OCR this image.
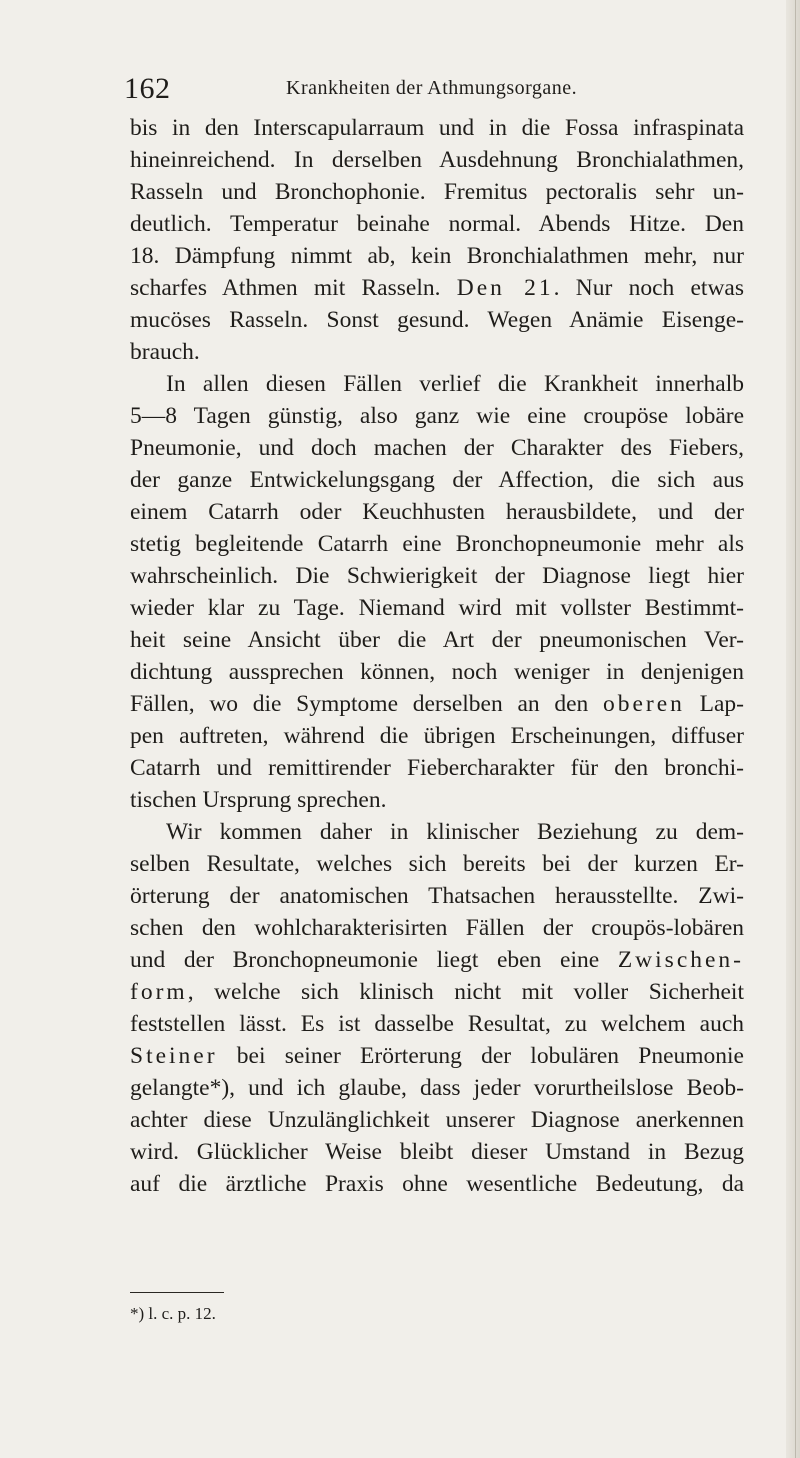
162	Krankheiten der Athmungsorgane.
bis in den Interscapularraum und in die Fossa infraspinata
hineinreichend. In derselben Ausdehnung Bronchialathmen,
Rasseln und Bronchophonie. Fremitus pectoralis sehr un-
deutlich. Temperatur beinahe normal. Abends Hitze. Den
18. Dämpfung nimmt ab, kein Bronchialathmen mehr, nur
scharfes Athmen mit Rasseln. Den 21. Nur noch etwas
mucöses Rasseln. Sonst gesund. Wegen Anämie Eisenge-
brauch.
In allen diesen Fällen verlief die Krankheit innerhalb
5—8 Tagen günstig, also ganz wie eine croupöse lobäre
Pneumonie, und doch machen der Charakter des Fiebers,
der ganze Entwickelungsgang der Affection, die sich aus
einem Catarrh oder Keuchhusten herausbildete, und der
stetig begleitende Catarrh eine Bronchopneumonie mehr als
wahrscheinlich. Die Schwierigkeit der Diagnose liegt hier
wieder klar zu Tage. Niemand wird mit vollster Bestimmt-
heit seine Ansicht über die Art der pneumonischen Ver-
dichtung aussprechen können, noch weniger in denjenigen
Fällen, wo die Symptome derselben an den oberen Lap-
pen auftreten, während die übrigen Erscheinungen, diffuser
Catarrh und remittirender Fiebercharakter für den bronchi-
tischen Ursprung sprechen.
Wir kommen daher in klinischer Beziehung zu dem-
selben Resultate, welches sich bereits bei der kurzen Er-
örterung der anatomischen Thatsachen herausstellte. Zwi-
schen den wohlcharakterisirten Fällen der croupös-lobären
und der Bronchopneumonie liegt eben eine Zwischen-
form, welche sich klinisch nicht mit voller Sicherheit
feststellen lässt. Es ist dasselbe Resultat, zu welchem auch
Steiner bei seiner Erörterung der lobulären Pneumonie
gelangte*), und ich glaube, dass jeder vorurtheilslose Beob-
achter diese Unzulänglichkeit unserer Diagnose anerkennen
wird. Glücklicher Weise bleibt dieser Umstand in Bezug
auf die ärztliche Praxis ohne wesentliche Bedeutung, da
*) l. c. p. 12.
